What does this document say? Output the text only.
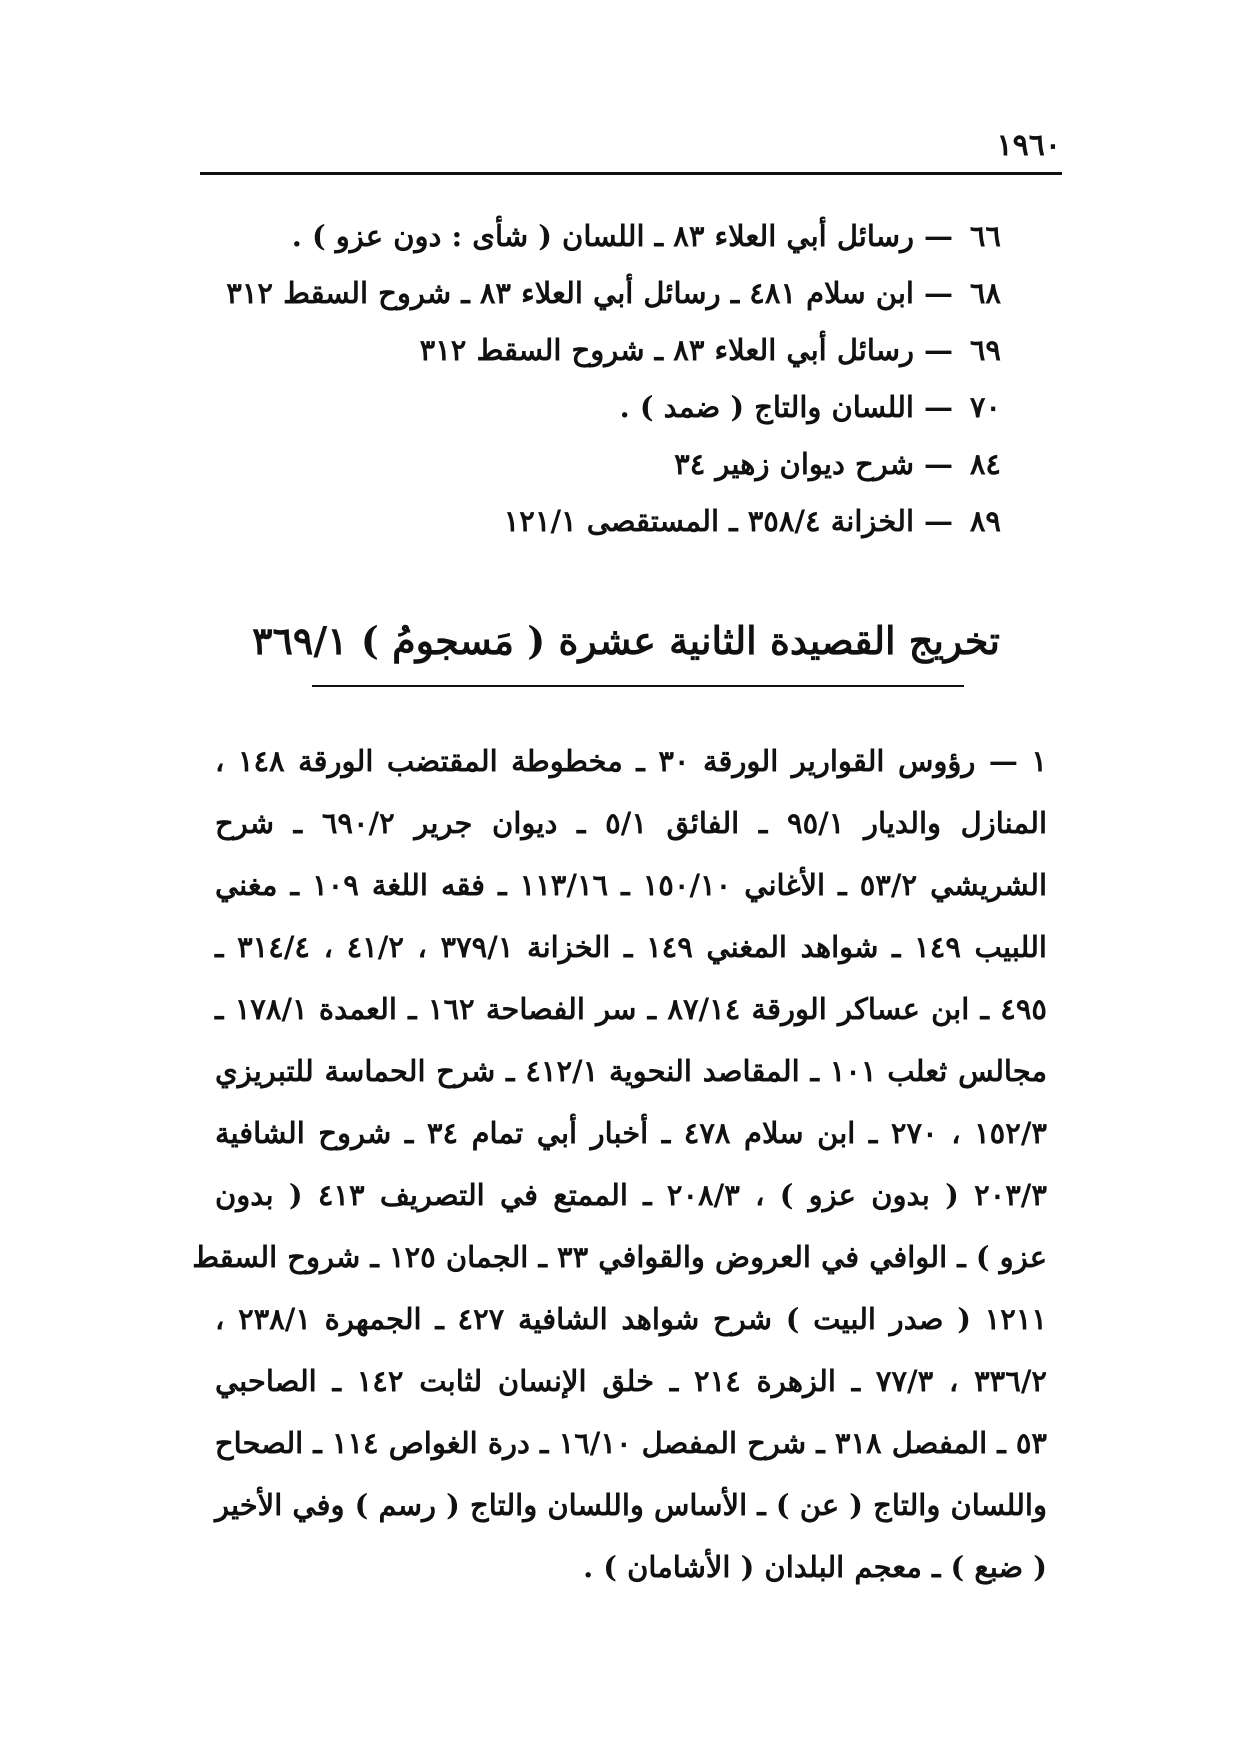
١٩٦٠
٦٦—رسائل أبي العلاء ٨٣ ـ اللسان ( شأى : دون عزو ) .
٦٨—ابن سلام ٤٨١ ـ رسائل أبي العلاء ٨٣ ـ شروح السقط ٣١٢
٦٩—رسائل أبي العلاء ٨٣ ـ شروح السقط ٣١٢
٧٠—اللسان والتاج ( ضمد ) .
٨٤—شرح ديوان زهير ٣٤
٨٩—الخزانة ٣٥٨/٤ ـ المستقصى ١٢١/١
تخريج القصيدة الثانية عشرة ( مَسجومُ ) ٣٦٩/١
١ — رؤوس القوارير الورقة ٣٠ ـ مخطوطة المقتضب الورقة ١٤٨ ،
المنازل والديار ٩٥/١ ـ الفائق ٥/١ ـ ديوان جرير ٦٩٠/٢ ـ شرح
الشريشي ٥٣/٢ ـ الأغاني ١٥٠/١٠ ـ ١١٣/١٦ ـ فقه اللغة ١٠٩ ـ مغني
اللبيب ١٤٩ ـ شواهد المغني ١٤٩ ـ الخزانة ٣٧٩/١ ، ٤١/٢ ، ٣١٤/٤ ـ
٤٩٥ ـ ابن عساكر الورقة ٨٧/١٤ ـ سر الفصاحة ١٦٢ ـ العمدة ١٧٨/١ ـ
مجالس ثعلب ١٠١ ـ المقاصد النحوية ٤١٢/١ ـ شرح الحماسة للتبريزي
١٥٢/٣ ، ٢٧٠ ـ ابن سلام ٤٧٨ ـ أخبار أبي تمام ٣٤ ـ شروح الشافية
٢٠٣/٣ ( بدون عزو ) ، ٢٠٨/٣ ـ الممتع في التصريف ٤١٣ ( بدون
عزو ) ـ الوافي في العروض والقوافي ٣٣ ـ الجمان ١٢٥ ـ شروح السقط
١٢١١ ( صدر البيت ) شرح شواهد الشافية ٤٢٧ ـ الجمهرة ٢٣٨/١ ،
٣٣٦/٢ ، ٧٧/٣ ـ الزهرة ٢١٤ ـ خلق الإنسان لثابت ١٤٢ ـ الصاحبي
٥٣ ـ المفصل ٣١٨ ـ شرح المفصل ١٦/١٠ ـ درة الغواص ١١٤ ـ الصحاح
واللسان والتاج ( عن ) ـ الأساس واللسان والتاج ( رسم ) وفي الأخير
( ضبع ) ـ معجم البلدان ( الأشامان ) .
